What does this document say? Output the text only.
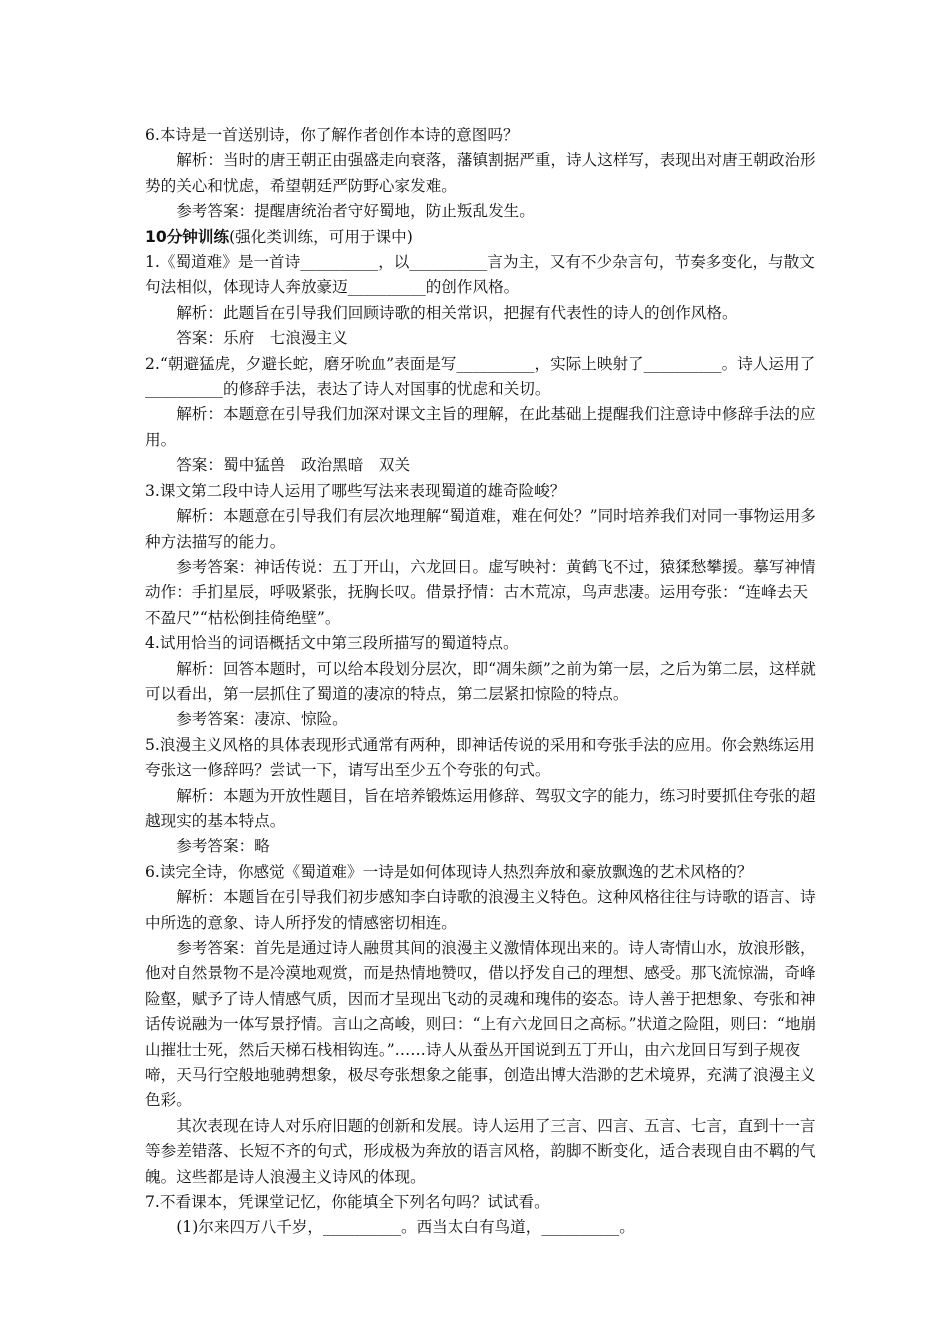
6.本诗是一首送别诗，你了解作者创作本诗的意图吗？

解析：当时的唐王朝正由强盛走向衰落，藩镇割据严重，诗人这样写，表现出对唐王朝政治形势的关心和忧虑，希望朝廷严防野心家发难。

参考答案：提醒唐统治者守好蜀地，防止叛乱发生。

10分钟训练(强化类训练，可用于课中)

1.《蜀道难》是一首诗__________，以__________言为主，又有不少杂言句，节奏多变化，与散文句法相似，体现诗人奔放豪迈__________的创作风格。

解析：此题旨在引导我们回顾诗歌的相关常识，把握有代表性的诗人的创作风格。

答案：乐府　七浪漫主义

2.“朝避猛虎，夕避长蛇，磨牙吮血”表面是写__________，实际上映射了__________。诗人运用了__________的修辞手法，表达了诗人对国事的忧虑和关切。

解析：本题意在引导我们加深对课文主旨的理解，在此基础上提醒我们注意诗中修辞手法的应用。

答案：蜀中猛兽　政治黑暗　双关

3.课文第二段中诗人运用了哪些写法来表现蜀道的雄奇险峻？

解析：本题意在引导我们有层次地理解“蜀道难，难在何处？”同时培养我们对同一事物运用多种方法描写的能力。

参考答案：神话传说：五丁开山，六龙回日。虚写映衬：黄鹤飞不过，猿猱愁攀援。摹写神情动作：手扪星辰，呼吸紧张，抚胸长叹。借景抒情：古木荒凉，鸟声悲凄。运用夸张：“连峰去天不盈尺”“枯松倒挂倚绝壁”。

4.试用恰当的词语概括文中第三段所描写的蜀道特点。

解析：回答本题时，可以给本段划分层次，即“凋朱颜”之前为第一层，之后为第二层，这样就可以看出，第一层抓住了蜀道的凄凉的特点，第二层紧扣惊险的特点。

参考答案：凄凉、惊险。

5.浪漫主义风格的具体表现形式通常有两种，即神话传说的采用和夸张手法的应用。你会熟练运用夸张这一修辞吗？尝试一下，请写出至少五个夸张的句式。

解析：本题为开放性题目，旨在培养锻炼运用修辞、驾驭文字的能力，练习时要抓住夸张的超越现实的基本特点。

参考答案：略

6.读完全诗，你感觉《蜀道难》一诗是如何体现诗人热烈奔放和豪放飘逸的艺术风格的？

解析：本题旨在引导我们初步感知李白诗歌的浪漫主义特色。这种风格往往与诗歌的语言、诗中所选的意象、诗人所抒发的情感密切相连。

参考答案：首先是通过诗人融贯其间的浪漫主义激情体现出来的。诗人寄情山水，放浪形骸，他对自然景物不是冷漠地观赏，而是热情地赞叹，借以抒发自己的理想、感受。那飞流惊湍，奇峰险壑，赋予了诗人情感气质，因而才呈现出飞动的灵魂和瑰伟的姿态。诗人善于把想象、夸张和神话传说融为一体写景抒情。言山之高峻，则曰：“上有六龙回日之高标。”状道之险阻，则曰：“地崩山摧壮士死，然后天梯石栈相钩连。”……诗人从蚕丛开国说到五丁开山，由六龙回日写到子规夜啼，天马行空般地驰骋想象，极尽夸张想象之能事，创造出博大浩渺的艺术境界，充满了浪漫主义色彩。

其次表现在诗人对乐府旧题的创新和发展。诗人运用了三言、四言、五言、七言，直到十一言等参差错落、长短不齐的句式，形成极为奔放的语言风格，韵脚不断变化，适合表现自由不羁的气魄。这些都是诗人浪漫主义诗风的体现。

7.不看课本，凭课堂记忆，你能填全下列名句吗？试试看。

(1)尔来四万八千岁，__________。西当太白有鸟道，__________。
